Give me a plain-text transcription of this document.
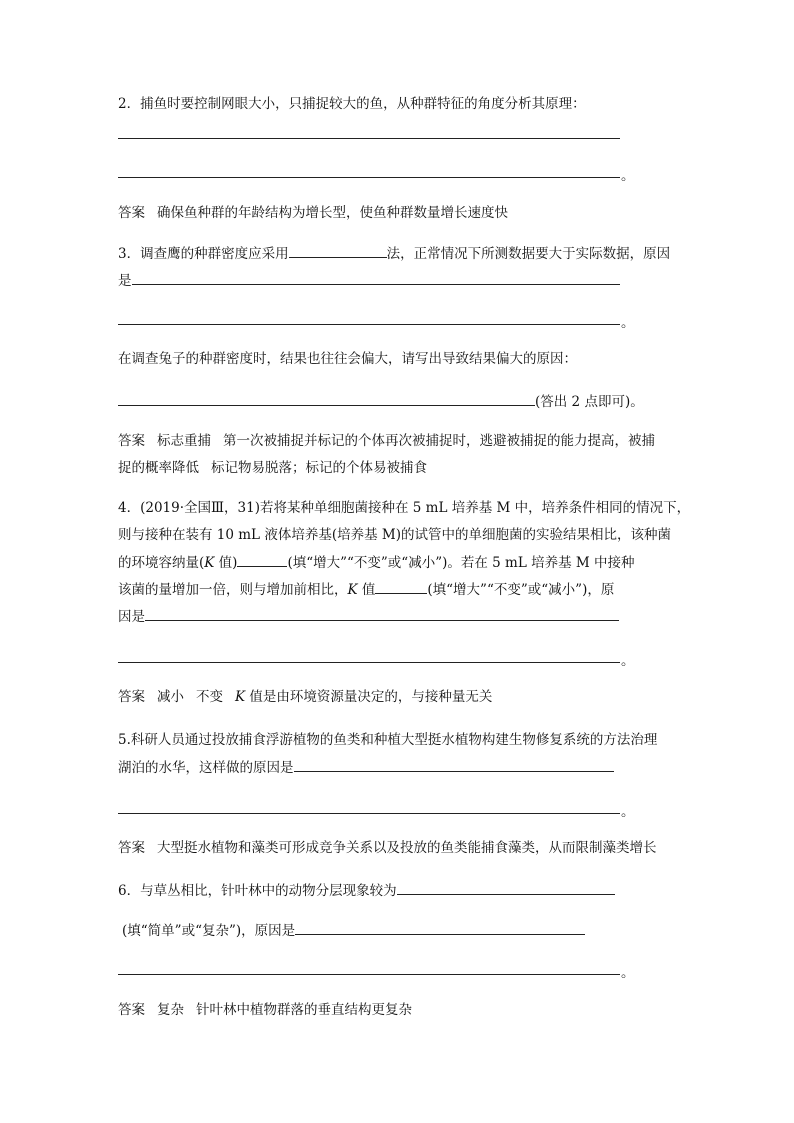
2．捕鱼时要控制网眼大小，只捕捉较大的鱼，从种群特征的角度分析其原理：
。
答案 确保鱼种群的年龄结构为增长型，使鱼种群数量增长速度快
3．调查鹰的种群密度应采用	法，正常情况下所测数据要大于实际数据，原因
是
。
在调查兔子的种群密度时，结果也往往会偏大，请写出导致结果偏大的原因：
(答出 2 点即可)。
答案 标志重捕 第一次被捕捉并标记的个体再次被捕捉时，逃避被捕捉的能力提高，被捕
捉的概率降低 标记物易脱落；标记的个体易被捕食
4．(2019·全国Ⅲ，31)若将某种单细胞菌接种在 5 mL 培养基 M 中，培养条件相同的情况下，
则与接种在装有 10 mL 液体培养基(培养基 M)的试管中的单细胞菌的实验结果相比，该种菌
的环境容纳量(K 值)	(填“增大”“不变”或“减小”)。若在 5 mL 培养基 M 中接种
该菌的量增加一倍，则与增加前相比，K 值	(填“增大”“不变”或“减小”)，原
因是
。
答案 减小 不变 K 值是由环境资源量决定的，与接种量无关
5.科研人员通过投放捕食浮游植物的鱼类和种植大型挺水植物构建生物修复系统的方法治理
湖泊的水华，这样做的原因是
。
答案 大型挺水植物和藻类可形成竞争关系以及投放的鱼类能捕食藻类，从而限制藻类增长
6．与草丛相比，针叶林中的动物分层现象较为
(填“简单”或“复杂”)，原因是
。
答案 复杂 针叶林中植物群落的垂直结构更复杂
